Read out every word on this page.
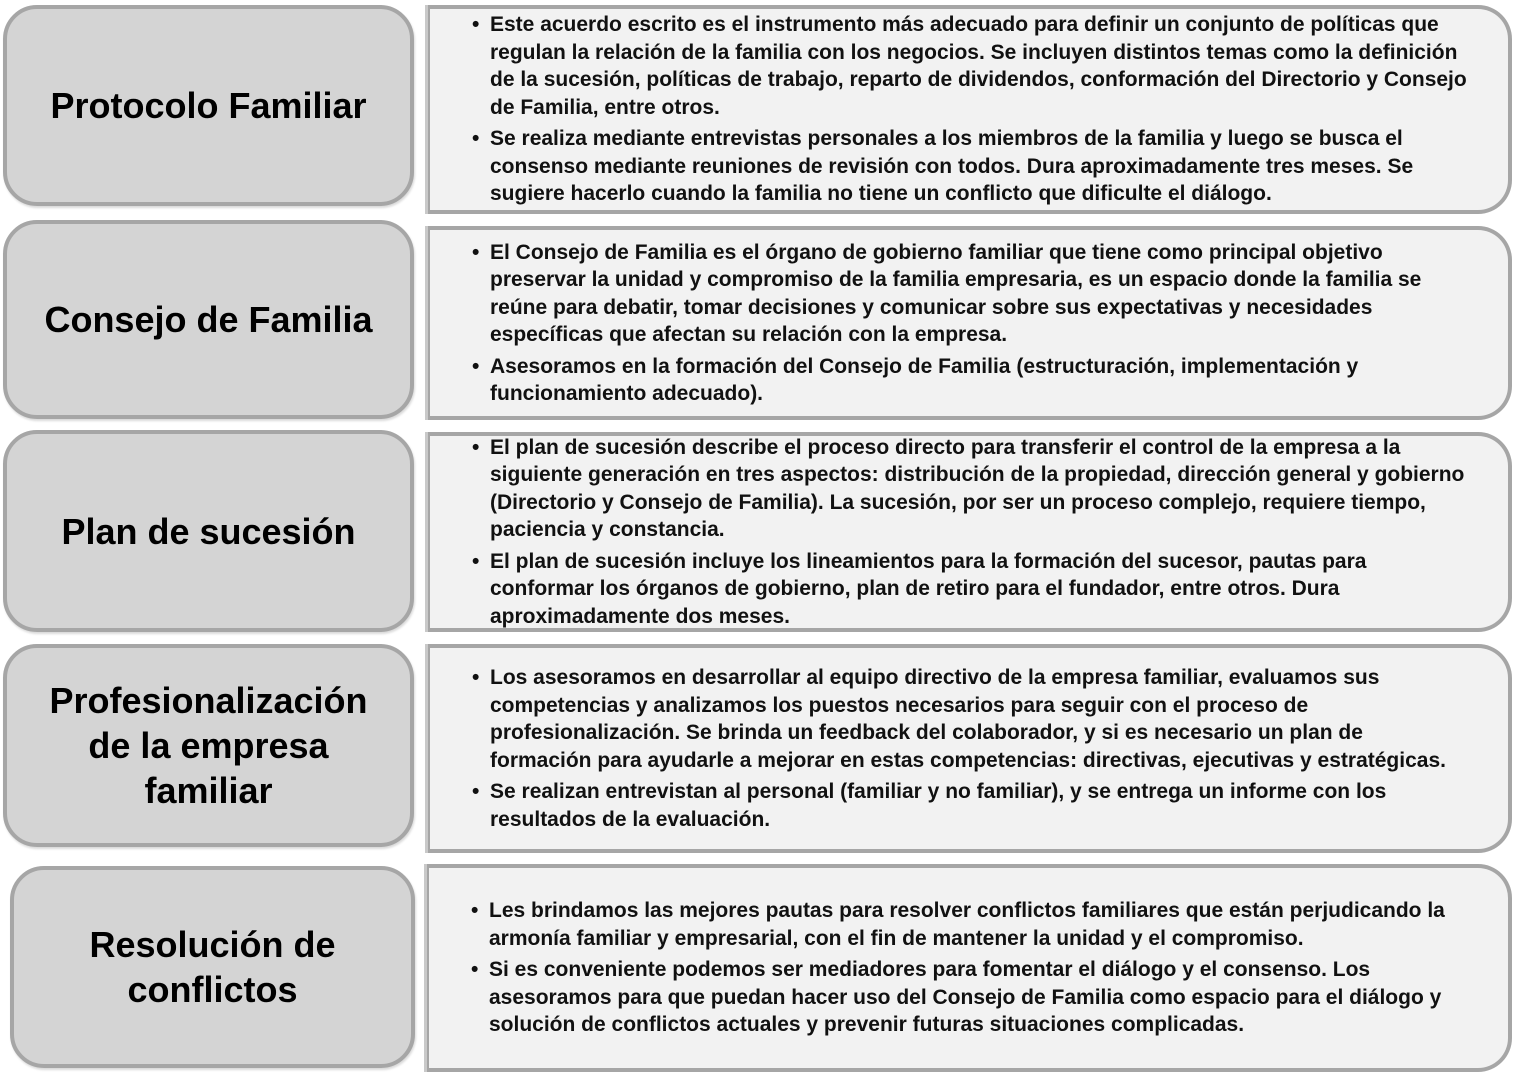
Protocolo Familiar

• Este acuerdo escrito es el instrumento más adecuado para definir un conjunto de políticas que regulan la relación de la familia con los negocios. Se incluyen distintos temas como la definición de la sucesión, políticas de trabajo, reparto de dividendos, conformación del Directorio y Consejo de Familia, entre otros.

• Se realiza mediante entrevistas personales a los miembros de la familia y luego se busca el consenso mediante reuniones de revisión con todos. Dura aproximadamente tres meses. Se sugiere hacerlo cuando la familia no tiene un conflicto que dificulte el diálogo.

Consejo de Familia

• El Consejo de Familia es el órgano de gobierno familiar que tiene como principal objetivo preservar la unidad y compromiso de la familia empresaria, es un espacio donde la familia se reúne para debatir, tomar decisiones y comunicar sobre sus expectativas y necesidades específicas que afectan su relación con la empresa.

• Asesoramos en la formación del Consejo de Familia (estructuración, implementación y funcionamiento adecuado).

Plan de sucesión

• El plan de sucesión describe el proceso directo para transferir el control de la empresa a la siguiente generación en tres aspectos: distribución de la propiedad, dirección general y gobierno (Directorio y Consejo de Familia). La sucesión, por ser un proceso complejo, requiere tiempo, paciencia y constancia.

• El plan de sucesión incluye los lineamientos para la formación del sucesor, pautas para conformar los órganos de gobierno, plan de retiro para el fundador, entre otros. Dura aproximadamente dos meses.

Profesionalización
de la empresa
familiar

• Los asesoramos en desarrollar al equipo directivo de la empresa familiar, evaluamos sus competencias y analizamos los puestos necesarios para seguir con el proceso de profesionalización. Se brinda un feedback del colaborador, y si es necesario un plan de formación para ayudarle a mejorar en estas competencias: directivas, ejecutivas y estratégicas.

• Se realizan entrevistan al personal (familiar y no familiar), y se entrega un informe con los resultados de la evaluación.

Resolución de
conflictos

• Les brindamos las mejores pautas para resolver conflictos familiares que están perjudicando la armonía familiar y empresarial, con el fin de mantener la unidad y el compromiso.

• Si es conveniente podemos ser mediadores para fomentar el diálogo y el consenso. Los asesoramos para que puedan hacer uso del Consejo de Familia como espacio para el diálogo y solución de conflictos actuales y prevenir futuras situaciones complicadas.
